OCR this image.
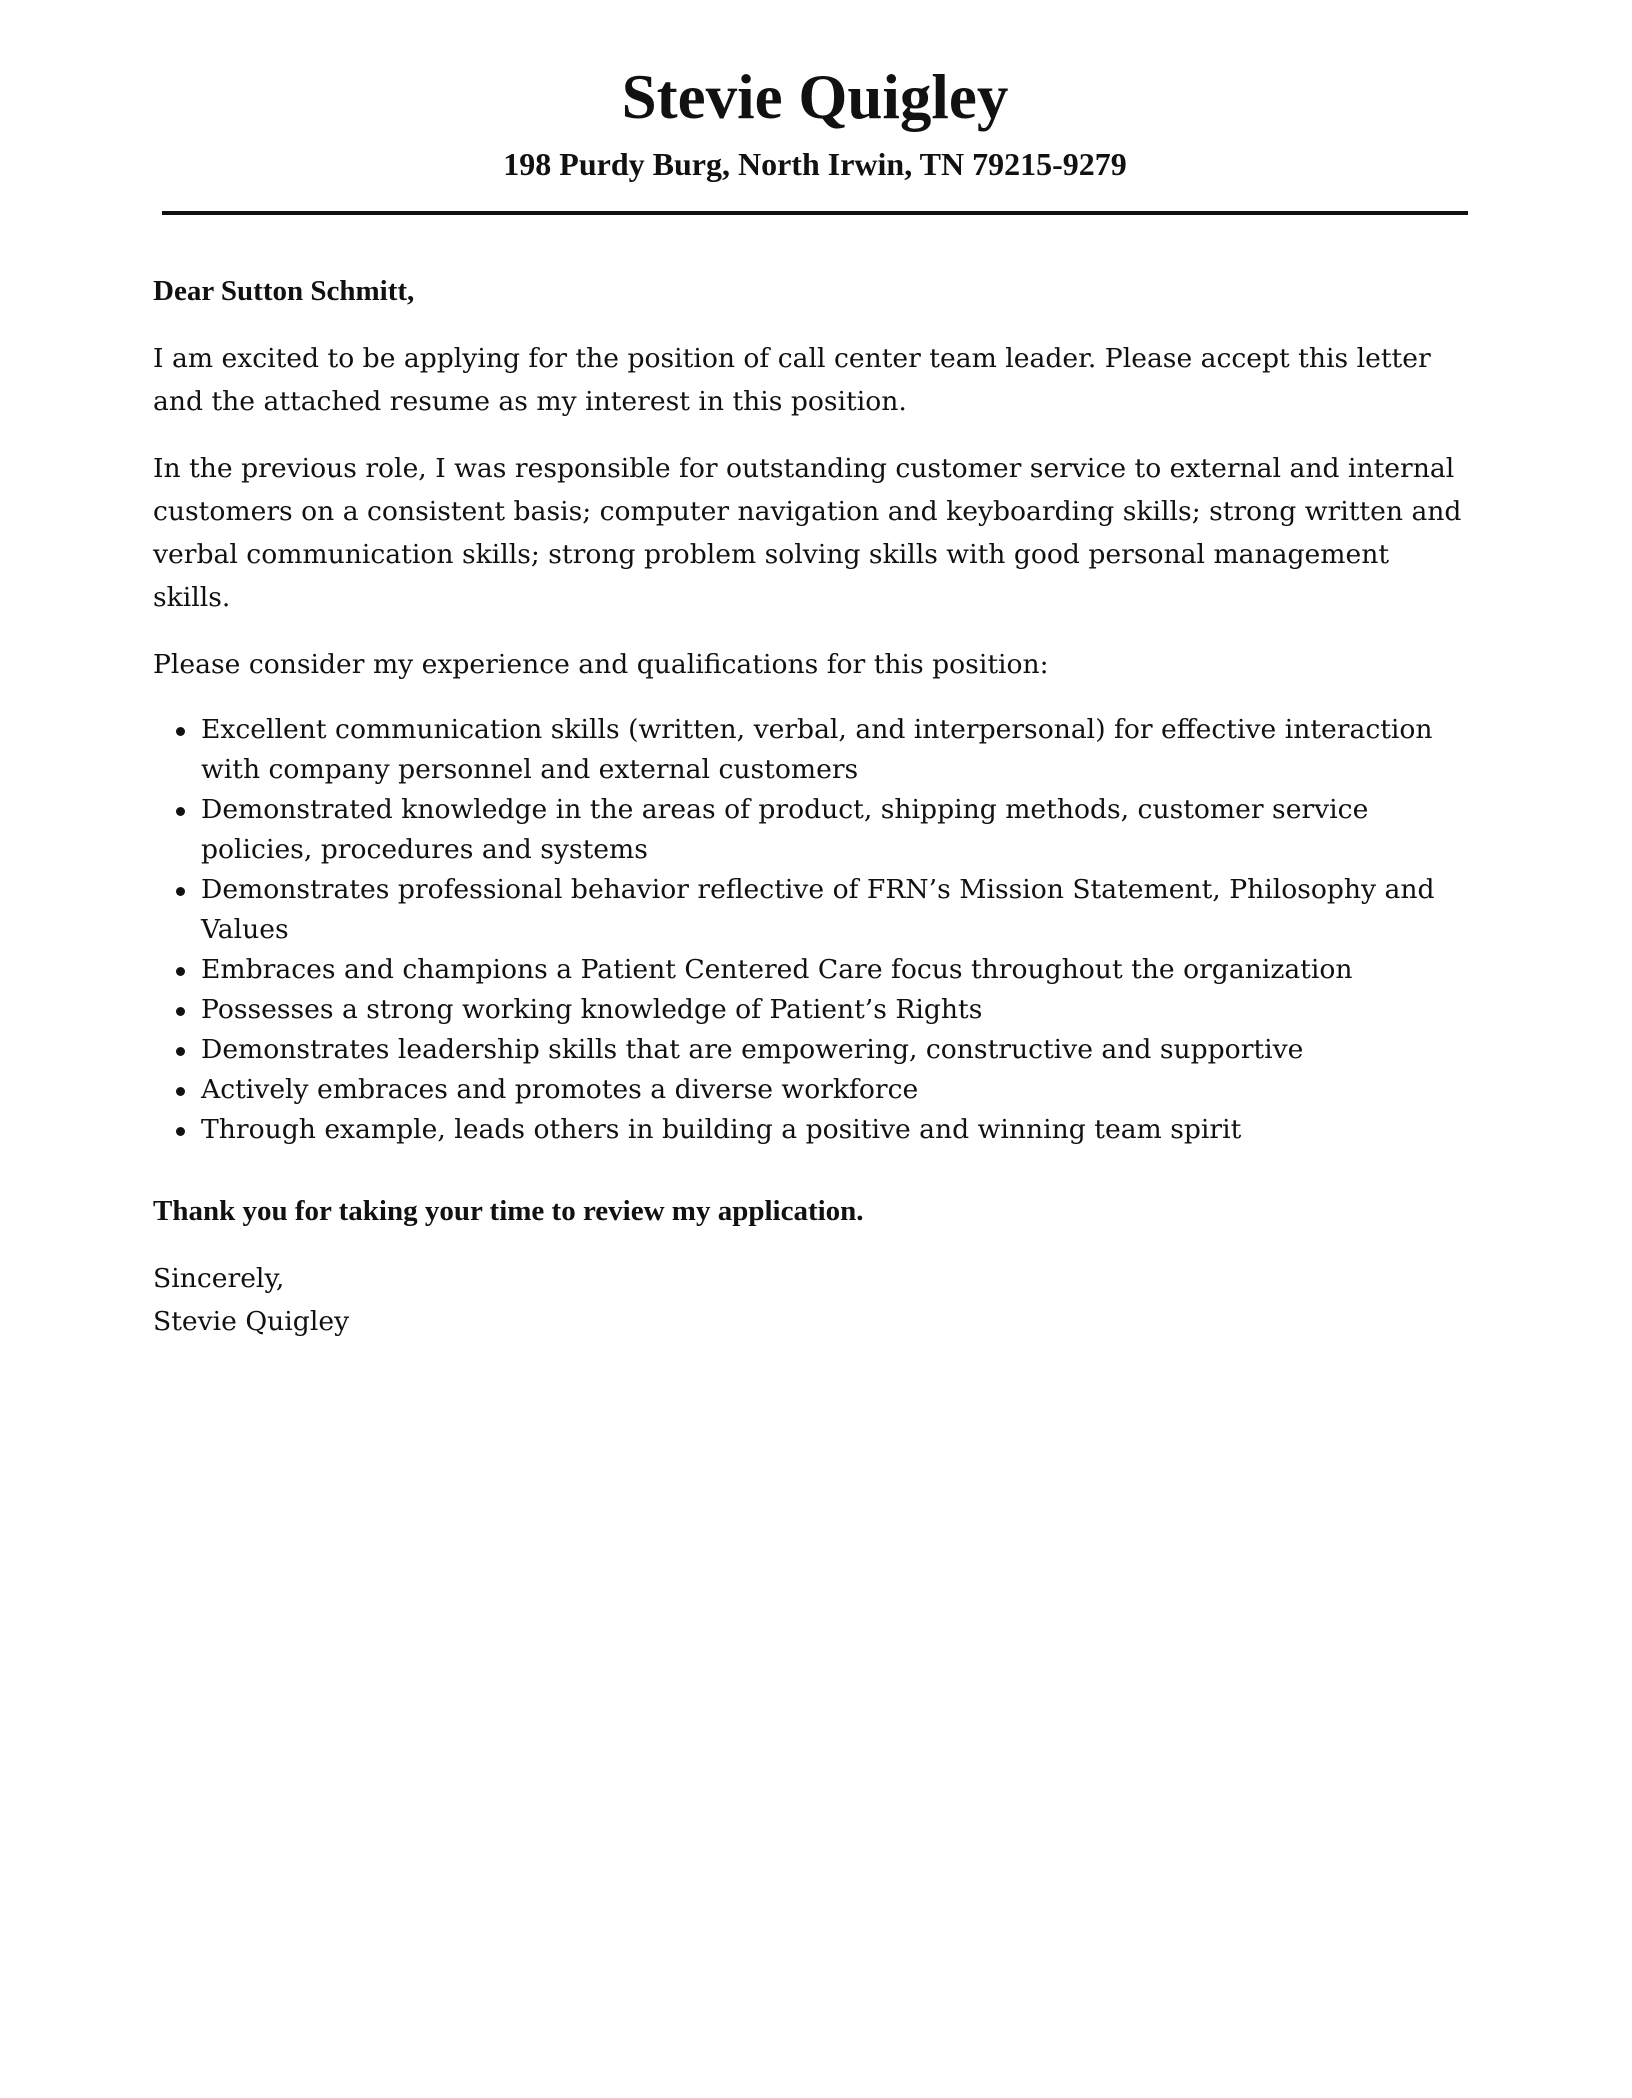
Stevie Quigley
198 Purdy Burg, North Irwin, TN 79215-9279

Dear Sutton Schmitt,

I am excited to be applying for the position of call center team leader. Please accept this letter and the attached resume as my interest in this position.

In the previous role, I was responsible for outstanding customer service to external and internal customers on a consistent basis; computer navigation and keyboarding skills; strong written and verbal communication skills; strong problem solving skills with good personal management skills.

Please consider my experience and qualifications for this position:

Excellent communication skills (written, verbal, and interpersonal) for effective interaction with company personnel and external customers
Demonstrated knowledge in the areas of product, shipping methods, customer service policies, procedures and systems
Demonstrates professional behavior reflective of FRN’s Mission Statement, Philosophy and Values
Embraces and champions a Patient Centered Care focus throughout the organization
Possesses a strong working knowledge of Patient’s Rights
Demonstrates leadership skills that are empowering, constructive and supportive
Actively embraces and promotes a diverse workforce
Through example, leads others in building a positive and winning team spirit

Thank you for taking your time to review my application.

Sincerely,

Stevie Quigley
